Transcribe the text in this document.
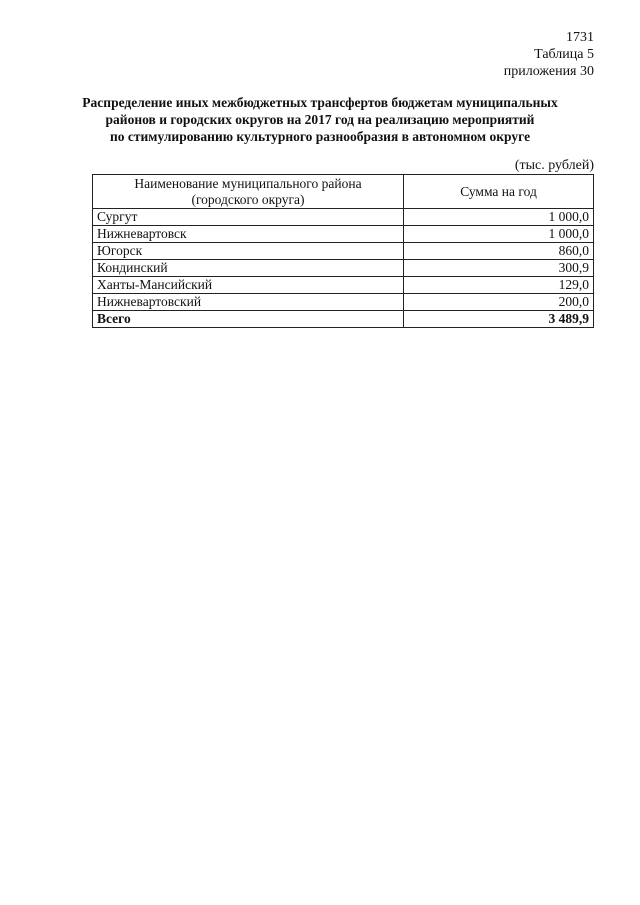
1731
Таблица 5
приложения 30
Распределение иных межбюджетных трансфертов бюджетам муниципальных
районов и городских округов на 2017 год на реализацию мероприятий
по стимулированию культурного разнообразия в автономном округе
(тыс. рублей)
Наименование муниципального района
(городского округа)	Сумма на год
Сургут	1 000,0
Нижневартовск	1 000,0
Югорск	860,0
Кондинский	300,9
Ханты-Мансийский	129,0
Нижневартовский	200,0
Всего	3 489,9
